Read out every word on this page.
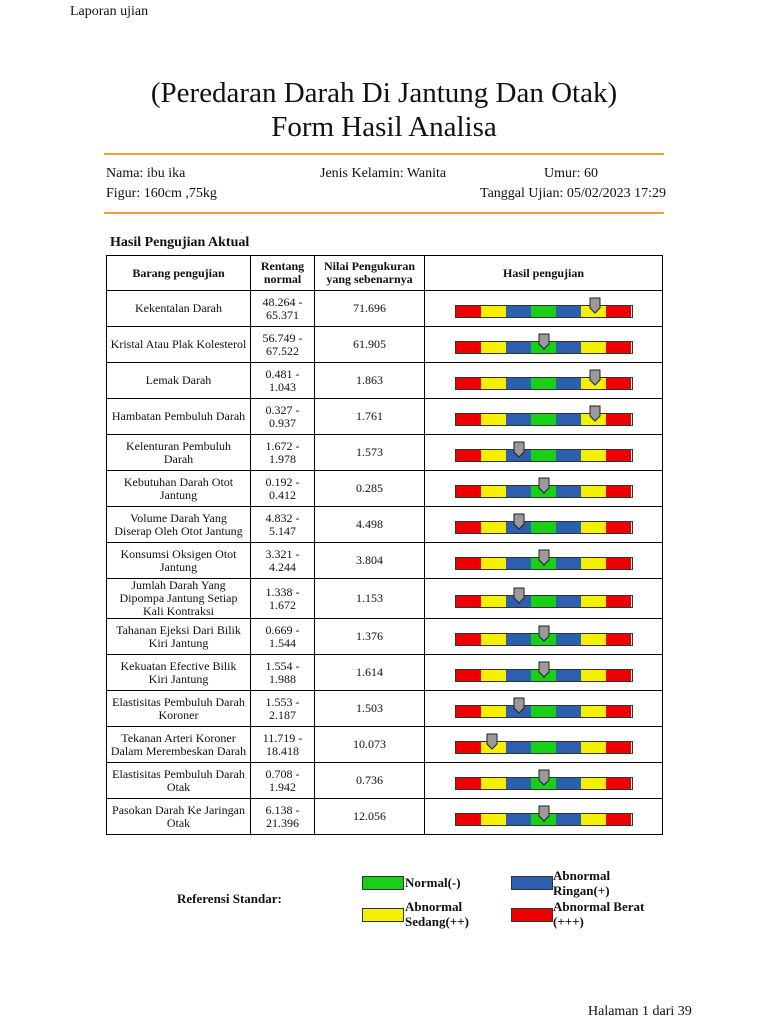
Laporan ujian
(Peredaran Darah Di Jantung Dan Otak)
Form Hasil Analisa
Nama: ibu ika	Jenis Kelamin: Wanita	Umur: 60
Figur: 160cm ,75kg	Tanggal Ujian: 05/02/2023 17:29
Hasil Pengujian Aktual
Barang pengujian	Rentang normal	Nilai Pengukuran yang sebenarnya	Hasil pengujian
Kekentalan Darah	48.264 - 65.371	71.696	

Kristal Atau Plak Kolesterol	56.749 - 67.522	61.905	

Lemak Darah	0.481 - 1.043	1.863	

Hambatan Pembuluh Darah	0.327 - 0.937	1.761	

Kelenturan Pembuluh Darah	1.672 - 1.978	1.573	

Kebutuhan Darah Otot Jantung	0.192 - 0.412	0.285	

Volume Darah Yang Diserap Oleh Otot Jantung	4.832 - 5.147	4.498	

Konsumsi Oksigen Otot Jantung	3.321 - 4.244	3.804	

Jumlah Darah Yang Dipompa Jantung Setiap Kali Kontraksi	1.338 - 1.672	1.153	

Tahanan Ejeksi Dari Bilik Kiri Jantung	0.669 - 1.544	1.376	

Kekuatan Efective Bilik Kiri Jantung	1.554 - 1.988	1.614	

Elastisitas Pembuluh Darah Koroner	1.553 - 2.187	1.503	

Tekanan Arteri Koroner Dalam Merembeskan Darah	11.719 - 18.418	10.073	

Elastisitas Pembuluh Darah Otak	0.708 - 1.942	0.736	

Pasokan Darah Ke Jaringan Otak	6.138 - 21.396	12.056	
Referensi Standar:
Normal(-)	Abnormal
Ringan(+)
Abnormal
Sedang(++)
Abnormal Berat
(+++)
Halaman 1 dari 39
